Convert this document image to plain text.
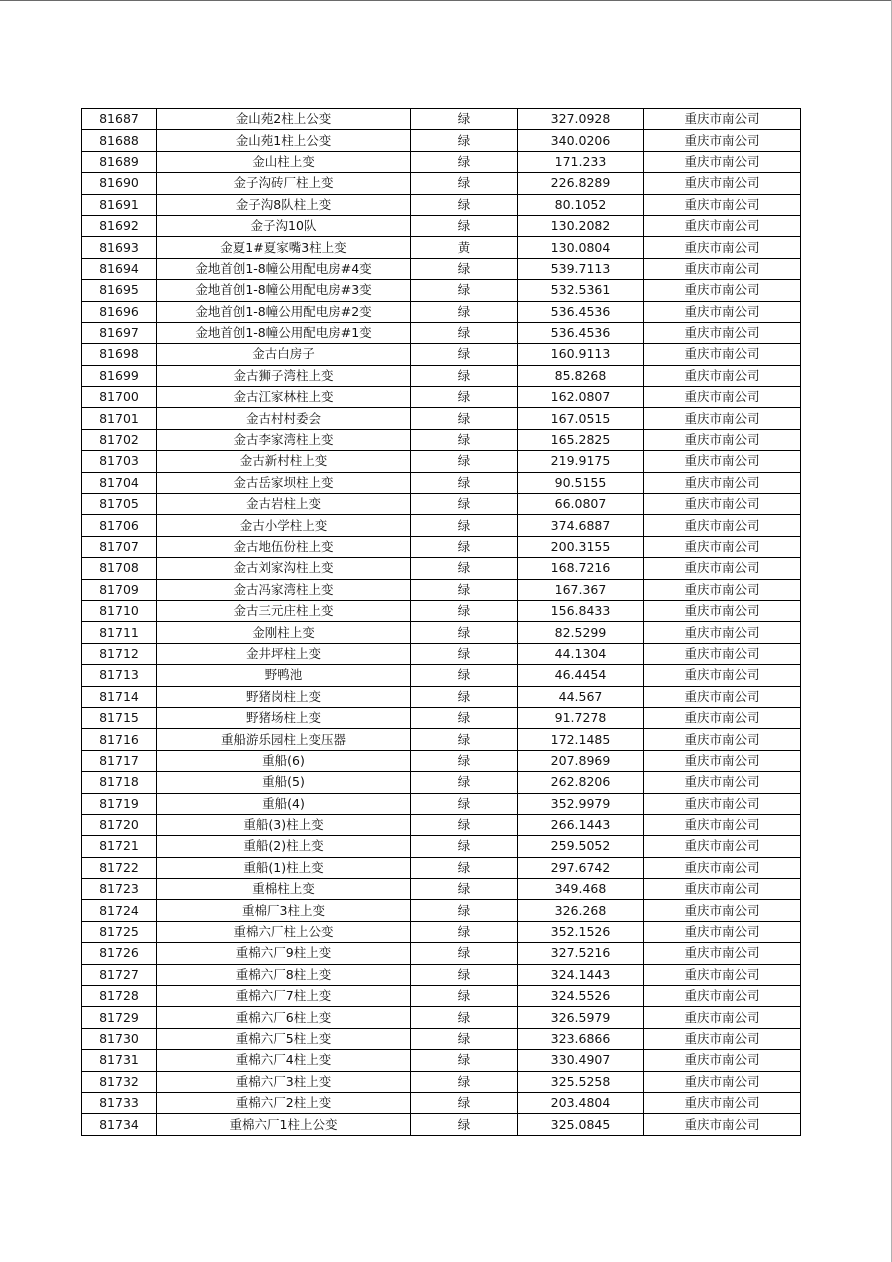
81687	金山苑2柱上公变	绿	327.0928	重庆市南公司
81688	金山苑1柱上公变	绿	340.0206	重庆市南公司
81689	金山柱上变	绿	171.233	重庆市南公司
81690	金子沟砖厂柱上变	绿	226.8289	重庆市南公司
81691	金子沟8队柱上变	绿	80.1052	重庆市南公司
81692	金子沟10队	绿	130.2082	重庆市南公司
81693	金夏1#夏家嘴3柱上变	黄	130.0804	重庆市南公司
81694	金地首创1-8幢公用配电房#4变	绿	539.7113	重庆市南公司
81695	金地首创1-8幢公用配电房#3变	绿	532.5361	重庆市南公司
81696	金地首创1-8幢公用配电房#2变	绿	536.4536	重庆市南公司
81697	金地首创1-8幢公用配电房#1变	绿	536.4536	重庆市南公司
81698	金古白房子	绿	160.9113	重庆市南公司
81699	金古狮子湾柱上变	绿	85.8268	重庆市南公司
81700	金古江家林柱上变	绿	162.0807	重庆市南公司
81701	金古村村委会	绿	167.0515	重庆市南公司
81702	金古李家湾柱上变	绿	165.2825	重庆市南公司
81703	金古新村柱上变	绿	219.9175	重庆市南公司
81704	金古岳家坝柱上变	绿	90.5155	重庆市南公司
81705	金古岩柱上变	绿	66.0807	重庆市南公司
81706	金古小学柱上变	绿	374.6887	重庆市南公司
81707	金古地伍份柱上变	绿	200.3155	重庆市南公司
81708	金古刘家沟柱上变	绿	168.7216	重庆市南公司
81709	金古冯家湾柱上变	绿	167.367	重庆市南公司
81710	金古三元庄柱上变	绿	156.8433	重庆市南公司
81711	金刚柱上变	绿	82.5299	重庆市南公司
81712	金井坪柱上变	绿	44.1304	重庆市南公司
81713	野鸭池	绿	46.4454	重庆市南公司
81714	野猪岗柱上变	绿	44.567	重庆市南公司
81715	野猪场柱上变	绿	91.7278	重庆市南公司
81716	重船游乐园柱上变压器	绿	172.1485	重庆市南公司
81717	重船(6)	绿	207.8969	重庆市南公司
81718	重船(5)	绿	262.8206	重庆市南公司
81719	重船(4)	绿	352.9979	重庆市南公司
81720	重船(3)柱上变	绿	266.1443	重庆市南公司
81721	重船(2)柱上变	绿	259.5052	重庆市南公司
81722	重船(1)柱上变	绿	297.6742	重庆市南公司
81723	重棉柱上变	绿	349.468	重庆市南公司
81724	重棉厂3柱上变	绿	326.268	重庆市南公司
81725	重棉六厂柱上公变	绿	352.1526	重庆市南公司
81726	重棉六厂9柱上变	绿	327.5216	重庆市南公司
81727	重棉六厂8柱上变	绿	324.1443	重庆市南公司
81728	重棉六厂7柱上变	绿	324.5526	重庆市南公司
81729	重棉六厂6柱上变	绿	326.5979	重庆市南公司
81730	重棉六厂5柱上变	绿	323.6866	重庆市南公司
81731	重棉六厂4柱上变	绿	330.4907	重庆市南公司
81732	重棉六厂3柱上变	绿	325.5258	重庆市南公司
81733	重棉六厂2柱上变	绿	203.4804	重庆市南公司
81734	重棉六厂1柱上公变	绿	325.0845	重庆市南公司
